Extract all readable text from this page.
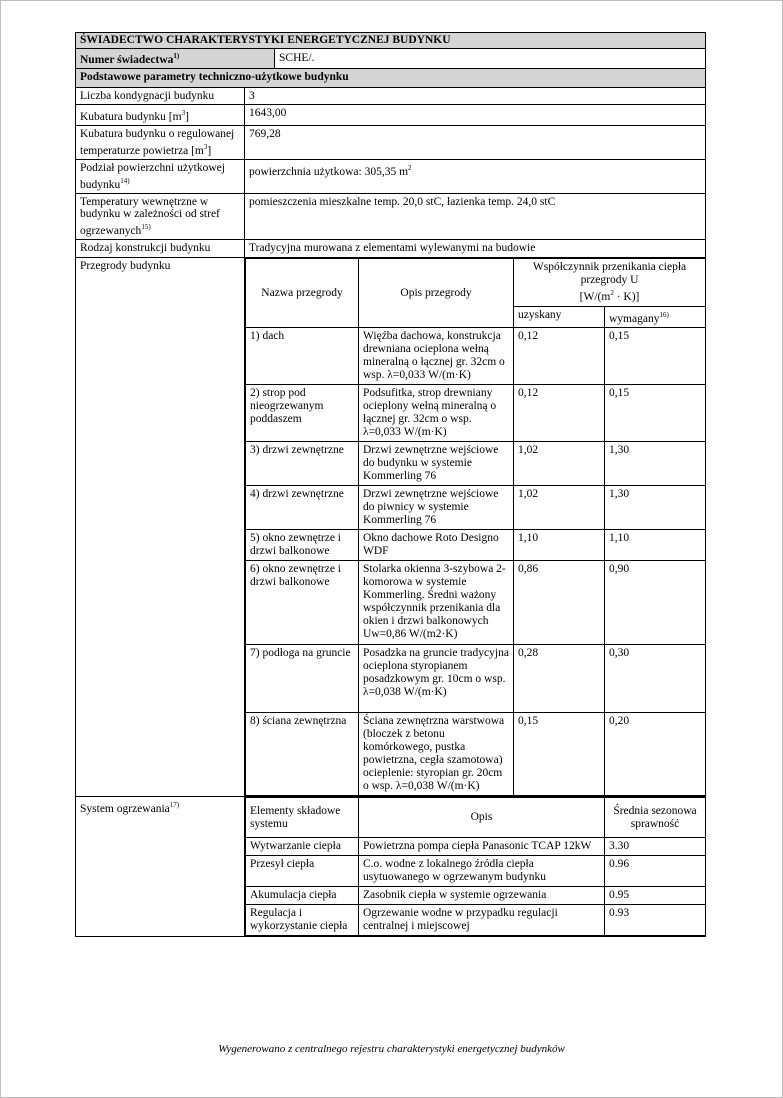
ŚWIADECTWO CHARAKTERYSTYKI ENERGETYCZNEJ BUDYNKU
Numer świadectwa$^{1)}$	SCHE/.
Podstawowe parametry techniczno-użytkowe budynku
Liczba kondygnacji budynku	3
Kubatura budynku $[m^3]$	1643,00
Kubatura budynku o regulowanej temperaturze powietrza $[m^3]$	769,28
Podział powierzchni użytkowej budynku$^{14)}$	powierzchnia użytkowa: 305,35 $m^2$
Temperatury wewnętrzne w budynku w zależności od stref ogrzewanych$^{15)}$	pomieszczenia mieszkalne temp. 20,0 stC, łazienka temp. 24,0 stC
Rodzaj konstrukcji budynku	Tradycyjna murowana z elementami wylewanymi na budowie
Przegrody budynku	
Nazwa przegrody	Opis przegrody	Współczynnik przenikania ciepła przegrody U
$[W/(m^2 \cdot K)]$
uzyskany	wymagany$^{16)}$
1) dach	Więźba dachowa, konstrukcja drewniana ocieplona wełną mineralną o łącznej gr. 32cm o wsp. λ=0,033 W/(m·K)	0,12	0,15
2) strop pod nieogrzewanym poddaszem	Podsufitka, strop drewniany ocieplony wełną mineralną o łącznej gr. 32cm o wsp. λ=0,033 W/(m·K)	0,12	0,15
3) drzwi zewnętrzne	Drzwi zewnętrzne wejściowe do budynku w systemie Kommerling 76	1,02	1,30
4) drzwi zewnętrzne	Drzwi zewnętrzne wejściowe do piwnicy w systemie Kommerling 76	1,02	1,30
5) okno zewnętrze i drzwi balkonowe	Okno dachowe Roto Designo WDF	1,10	1,10
6) okno zewnętrze i drzwi balkonowe	Stolarka okienna 3-szybowa 2-komorowa w systemie Kommerling. Średni ważony współczynnik przenikania dla okien i drzwi balkonowych Uw=0,86 W/(m2·K)	0,86	0,90
7) podłoga na gruncie	Posadzka na gruncie tradycyjna ocieplona styropianem posadzkowym gr. 10cm o wsp. λ=0,038 W/(m·K)	0,28	0,30
8) ściana zewnętrzna	Ściana zewnętrzna warstwowa (bloczek z betonu komórkowego, pustka powietrzna, cegła szamotowa) ocieplenie: styropian gr. 20cm o wsp. λ=0,038 W/(m·K)	0,15	0,20

System ogrzewania$^{17)}$		Elementy składowe systemu	Opis	Średnia sezonowa sprawność
Wytwarzanie ciepła	Powietrzna pompa ciepła Panasonic TCAP 12kW	3.30
Przesył ciepła	C.o. wodne z lokalnego źródła ciepła usytuowanego w ogrzewanym budynku	0.96
Akumulacja ciepła	Zasobnik ciepła w systemie ogrzewania	0.95
Regulacja i wykorzystanie ciepła	Ogrzewanie wodne w przypadku regulacji centralnej i miejscowej	0.93
Wygenerowano z centralnego rejestru charakterystyki energetycznej budynków
